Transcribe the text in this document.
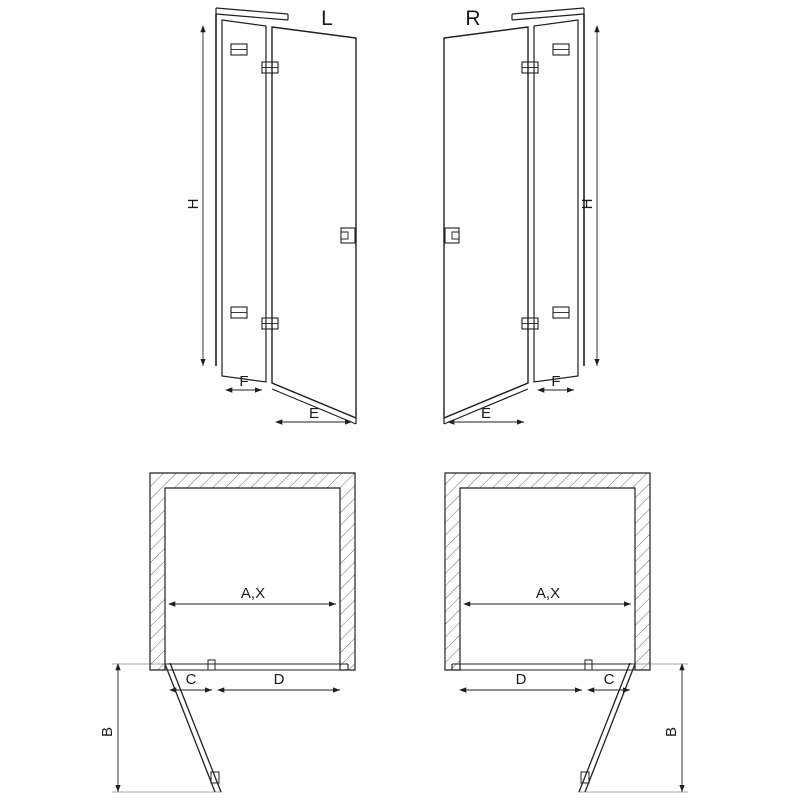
H
F
E
L
H
E
F
R
A,X
C	D
B
A,X
D	C
B
